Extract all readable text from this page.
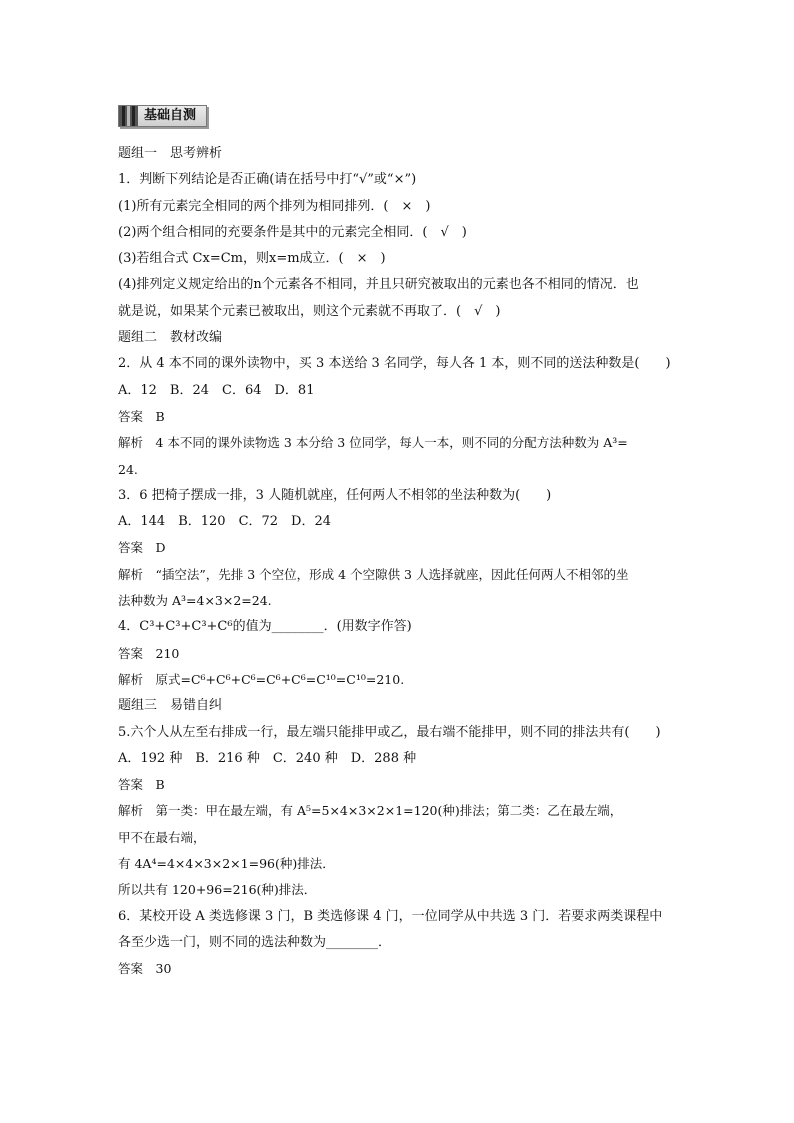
基础自测
题组一　思考辨析
1．判断下列结论是否正确(请在括号中打“√”或“×”)
(1)所有元素完全相同的两个排列为相同排列．(　×　)
(2)两个组合相同的充要条件是其中的元素完全相同．(　√　)
(3)若组合式 Cx=Cm，则x=m成立．(　×　)
(4)排列定义规定给出的n个元素各不相同，并且只研究被取出的元素也各不相同的情况．也
就是说，如果某个元素已被取出，则这个元素就不再取了．(　√　)
题组二　教材改编
2．从 4 本不同的课外读物中，买 3 本送给 3 名同学，每人各 1 本，则不同的送法种数是(　　)
A．12　B．24　C．64　D．81
答案　B
解析　4 本不同的课外读物选 3 本分给 3 位同学，每人一本，则不同的分配方法种数为 A³=
24.
3．6 把椅子摆成一排，3 人随机就座，任何两人不相邻的坐法种数为(　　)
A．144　B．120　C．72　D．24
答案　D
解析　“插空法”，先排 3 个空位，形成 4 个空隙供 3 人选择就座，因此任何两人不相邻的坐
法种数为 A³=4×3×2=24.
4．C³+C³+C³+C⁶的值为________．(用数字作答)
答案　210
解析　原式=C⁶+C⁶+C⁶=C⁶+C⁶=C¹⁰=C¹⁰=210.
题组三　易错自纠
5.六个人从左至右排成一行，最左端只能排甲或乙，最右端不能排甲，则不同的排法共有(　　)
A．192 种　B．216 种　C．240 种　D．288 种
答案　B
解析　第一类：甲在最左端，有 A⁵=5×4×3×2×1=120(种)排法；第二类：乙在最左端，
甲不在最右端，
有 4A⁴=4×4×3×2×1=96(种)排法．
所以共有 120+96=216(种)排法．
6．某校开设 A 类选修课 3 门，B 类选修课 4 门，一位同学从中共选 3 门．若要求两类课程中
各至少选一门，则不同的选法种数为________．
答案　30
